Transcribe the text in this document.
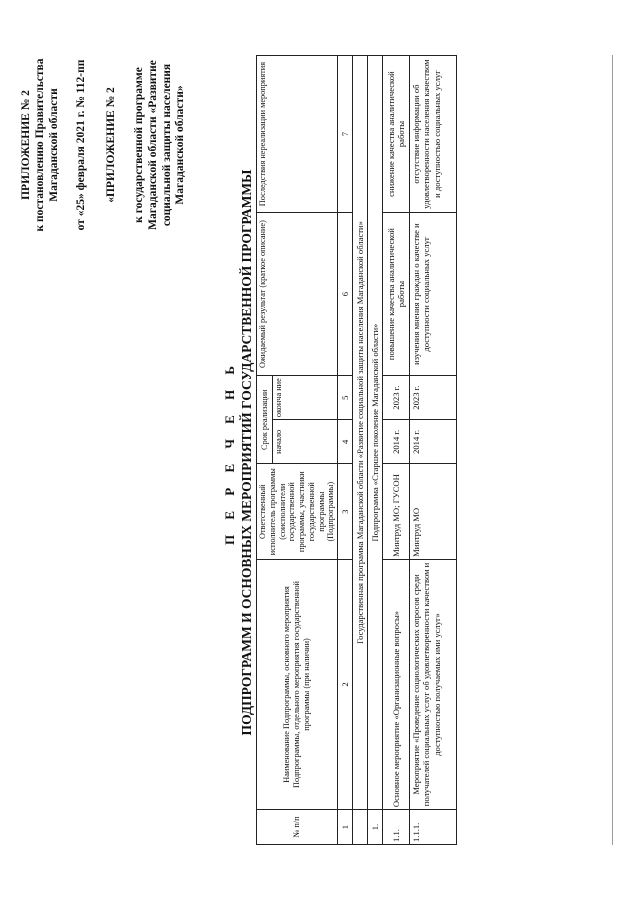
ПРИЛОЖЕНИЕ № 2 к постановлению Правительства Магаданской области от «25» февраля 2021 г. № 112-пп «ПРИЛОЖЕНИЕ № 2 к государственной программе Магаданской области «Развитие социальной защиты населения Магаданской области»
П Е Р Е Ч Е Н Ь ПОДПРОГРАММ И ОСНОВНЫХ МЕРОПРИЯТИЙ ГОСУДАРСТВЕННОЙ ПРОГРАММЫ
№ п/п	Наименование Подпрограммы, основного мероприятия Подпрограммы, отдельного мероприятия государственной программы (при наличии)	Ответственный исполнитель программы (соисполнители государственной программы, участники государственной программы (Подпрограммы)	Срок реализации		Ожидаемый результат (краткое описание)	Последствия нереализации мероприятия
			начало	оконча ние		
1	2	3	4	5	6	7
	Государственная программа Магаданской области «Развитие социальной защиты населения Магаданской области»					
1.	Подпрограмма «Старшее поколение Магаданской области»					
1.1.	Основное мероприятие «Организационные вопросы»	Минтруд МО; ГУСОН	2014 г.	2023 г.	повышение качества аналитической работы	снижение качества аналитической работы
1.1.1.	Мероприятие «Проведение социологических опросов среди получателей социальных услуг об удовлетворенности качеством и доступностью получаемых ими услуг»	Минтруд МО	2014 г.	2023 г.	изучения мнения граждан о качестве и доступности социальных услуг	отсутствие информации об удовлетворенности населения качеством и доступностью социальных услуг
